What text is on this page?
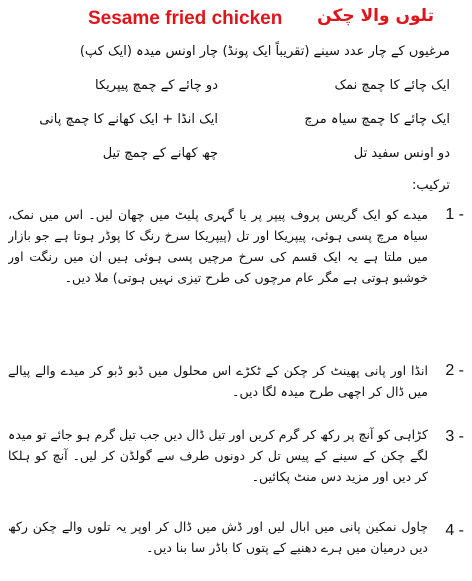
Sesame fried chicken تلوں والا چکن
مرغیوں کے چار عدد سینے (تقریباً ایک پونڈ)
ایک چائے کا چمچ نمک
ایک چائے کا چمچ سیاہ مرچ
دو اونس سفید تل
چار اونس میدہ (ایک کپ)
دو چائے کے چمچ پیپریکا
ایک انڈا + ایک کھانے کا چمچ پانی
چھ کھانے کے چمچ تیل
ترکیب:
1 -
میدے کو ایک گریس پروف پیپر پر یا گہری پلیٹ میں چھان لیں۔ اس میں نمک، سیاہ مرچ پسی ہوئی، پیپریکا اور تل (پیپریکا سرخ رنگ کا پوڈر ہوتا ہے جو بازار میں ملتا ہے یہ ایک قسم کی سرخ مرچیں پسی ہوئی ہیں ان میں رنگت اور خوشبو ہوتی ہے مگر عام مرچوں کی طرح تیزی نہیں ہوتی) ملا دیں۔
2 -
انڈا اور پانی پھینٹ کر چکن کے ٹکڑے اس محلول میں ڈبو ڈبو کر میدے والے پیالے میں ڈال کر اچھی طرح میدہ لگا دیں۔
3 -
کڑاہی کو آنچ پر رکھ کر گرم کریں اور تیل ڈال دیں جب تیل گرم ہو جائے تو میدہ لگے چکن کے سینے کے پیس تل کر دونوں طرف سے گولڈن کر لیں۔ آنچ کو ہلکا کر دیں اور مزید دس منٹ پکائیں۔
4 -
چاول نمکین پانی میں ابال لیں اور ڈش میں ڈال کر اوپر یہ تلوں والے چکن رکھ دیں درمیان میں ہرے دھنیے کے پتوں کا باڈر سا بنا دیں۔
